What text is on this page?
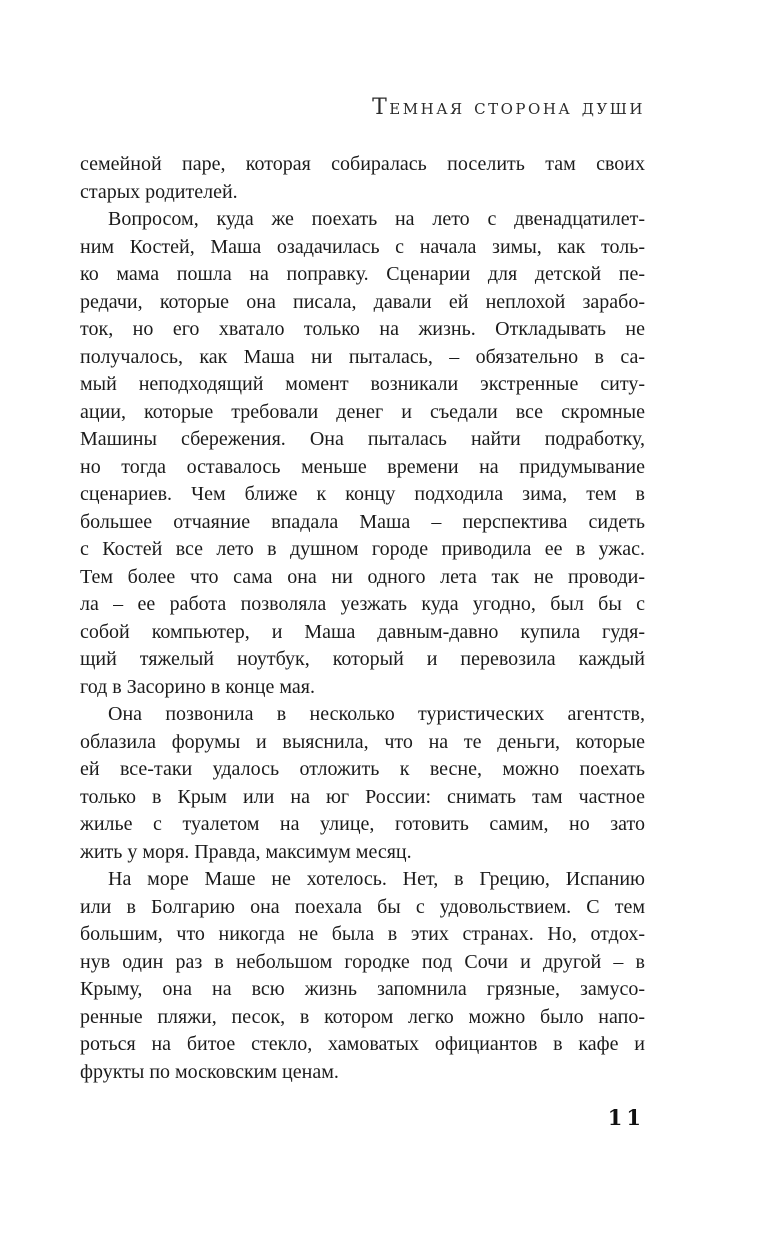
Темная сторона души
семейной паре, которая собиралась поселить там своих
старых родителей.
Вопросом, куда же поехать на лето с двенадцатилет-
ним Костей, Маша озадачилась с начала зимы, как толь-
ко мама пошла на поправку. Сценарии для детской пе-
редачи, которые она писала, давали ей неплохой зарабо-
ток, но его хватало только на жизнь. Откладывать не
получалось, как Маша ни пыталась, – обязательно в са-
мый неподходящий момент возникали экстренные ситу-
ации, которые требовали денег и съедали все скромные
Машины сбережения. Она пыталась найти подработку,
но тогда оставалось меньше времени на придумывание
сценариев. Чем ближе к концу подходила зима, тем в
большее отчаяние впадала Маша – перспектива сидеть
с Костей все лето в душном городе приводила ее в ужас.
Тем более что сама она ни одного лета так не проводи-
ла – ее работа позволяла уезжать куда угодно, был бы с
собой компьютер, и Маша давным-давно купила гудя-
щий тяжелый ноутбук, который и перевозила каждый
год в Засорино в конце мая.
Она позвонила в несколько туристических агентств,
облазила форумы и выяснила, что на те деньги, которые
ей все-таки удалось отложить к весне, можно поехать
только в Крым или на юг России: снимать там частное
жилье с туалетом на улице, готовить самим, но зато
жить у моря. Правда, максимум месяц.
На море Маше не хотелось. Нет, в Грецию, Испанию
или в Болгарию она поехала бы с удовольствием. С тем
большим, что никогда не была в этих странах. Но, отдох-
нув один раз в небольшом городке под Сочи и другой – в
Крыму, она на всю жизнь запомнила грязные, замусо-
ренные пляжи, песок, в котором легко можно было напо-
роться на битое стекло, хамоватых официантов в кафе и
фрукты по московским ценам.
11
